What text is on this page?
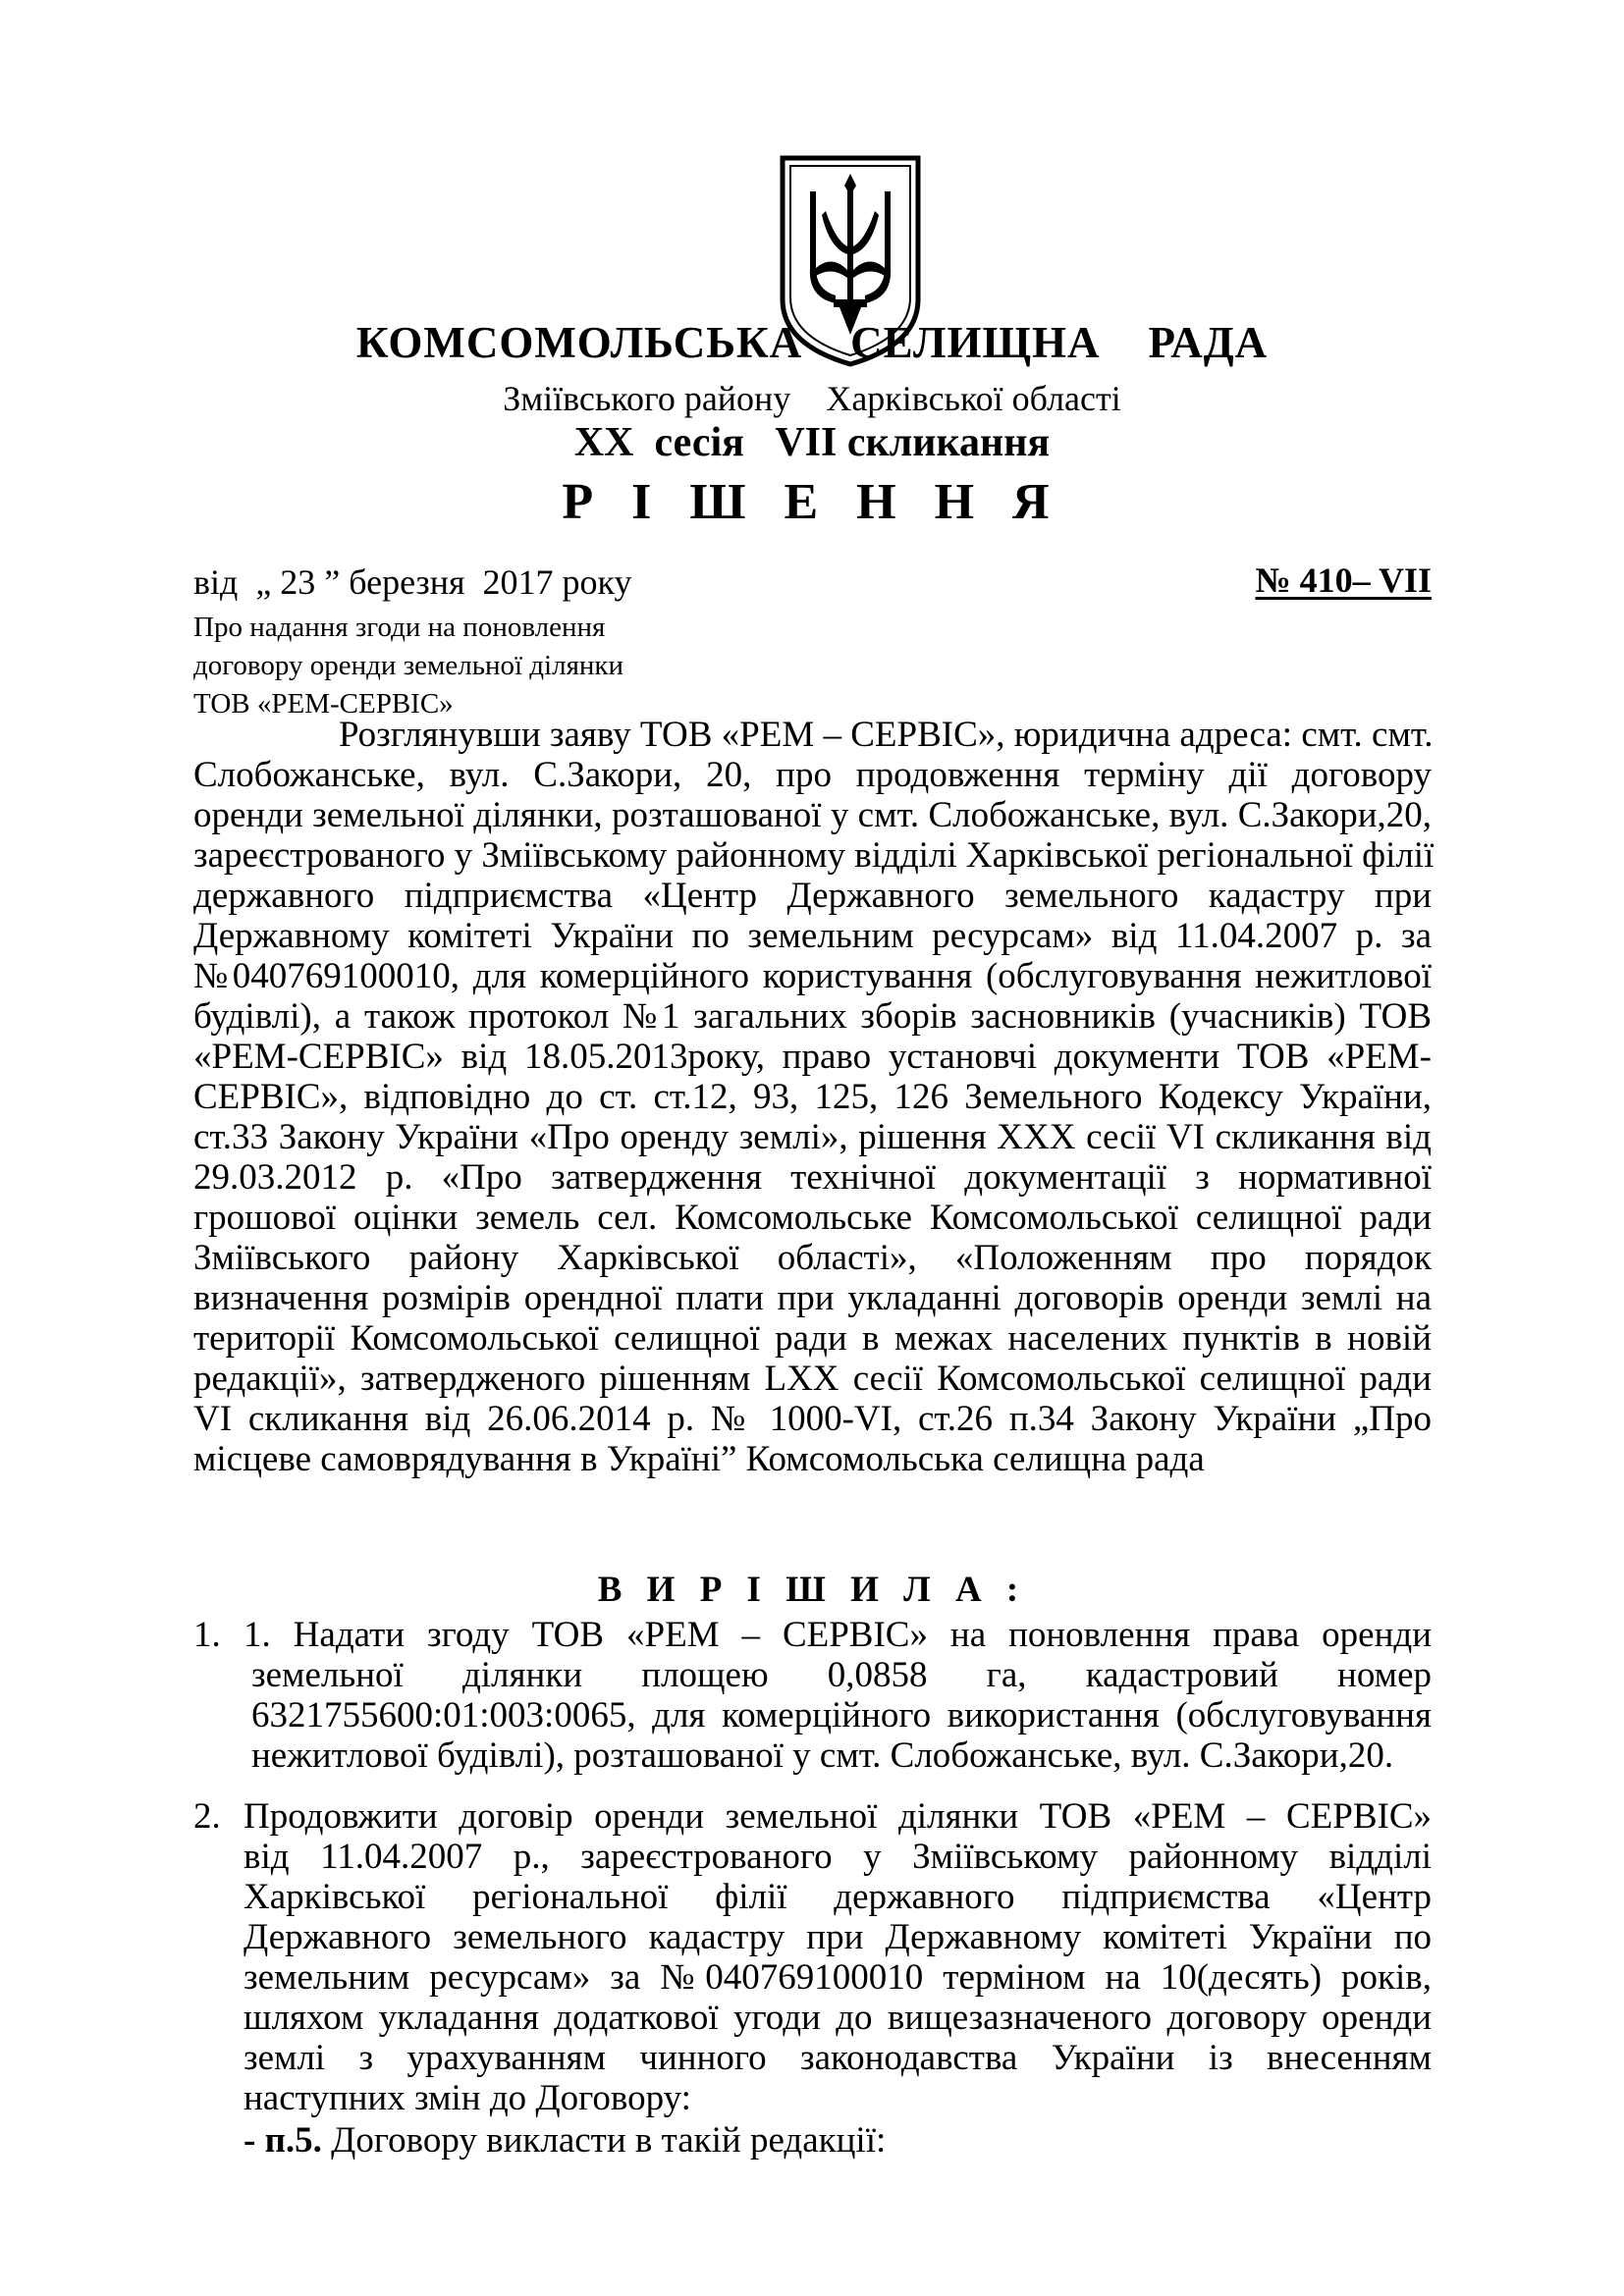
КОМСОМОЛЬСЬКА    СЕЛИЩНА    РАДА
Зміївського району    Харківської області
ХХ  сесія   VІІ скликання
Р І Ш Е Н Н Я
від  „ 23 ” березня  2017 року	№ 410– VІІ
Про надання згоди на поновлення
договору оренди земельної ділянки
ТОВ «РЕМ-СЕРВІС»
Розглянувши заяву ТОВ «РЕМ – СЕРВІС», юридична адреса: смт. смт.
Слобожанське, вул. С.Закори, 20, про продовження терміну дії договору
оренди земельної ділянки, розташованої у смт. Слобожанське, вул. С.Закори,20,
зареєстрованого у Зміївському районному відділі Харківської регіональної філії
державного підприємства «Центр Державного земельного кадастру при
Державному комітеті України по земельним ресурсам» від 11.04.2007 р. за
№040769100010, для комерційного користування (обслуговування нежитлової
будівлі), а також протокол №1 загальних зборів засновників (учасників) ТОВ
«РЕМ-СЕРВІС» від 18.05.2013року, право установчі документи ТОВ «РЕМ-
СЕРВІС», відповідно до ст. ст.12, 93, 125, 126 Земельного Кодексу України,
ст.33 Закону України «Про оренду землі», рішення ХХХ сесії VІ скликання від
29.03.2012 р. «Про затвердження технічної документації з нормативної
грошової оцінки земель сел. Комсомольське Комсомольської селищної ради
Зміївського району Харківської області», «Положенням про порядок
визначення розмірів орендної плати при укладанні договорів оренди землі на
території Комсомольської селищної ради в межах населених пунктів в новій
редакції», затвердженого рішенням LХХ сесії Комсомольської селищної ради
VІ скликання від 26.06.2014 р. № 1000-VІ, ст.26 п.34 Закону України „Про
місцеве самоврядування в Україні” Комсомольська селищна рада
В И Р І Ш И Л А :
1. 1. Надати згоду ТОВ «РЕМ – СЕРВІС» на поновлення права оренди
земельної ділянки площею 0,0858 га, кадастровий номер
6321755600:01:003:0065, для комерційного використання (обслуговування
нежитлової будівлі), розташованої у смт. Слобожанське, вул. С.Закори,20.
2. Продовжити договір оренди земельної ділянки ТОВ «РЕМ – СЕРВІС»
від 11.04.2007 р., зареєстрованого у Зміївському районному відділі
Харківської регіональної філії державного підприємства «Центр
Державного земельного кадастру при Державному комітеті України по
земельним ресурсам» за №040769100010 терміном на 10(десять) років,
шляхом укладання додаткової угоди до вищезазначеного договору оренди
землі з урахуванням чинного законодавства України із внесенням
наступних змін до Договору:
- п.5. Договору викласти в такій редакції:
